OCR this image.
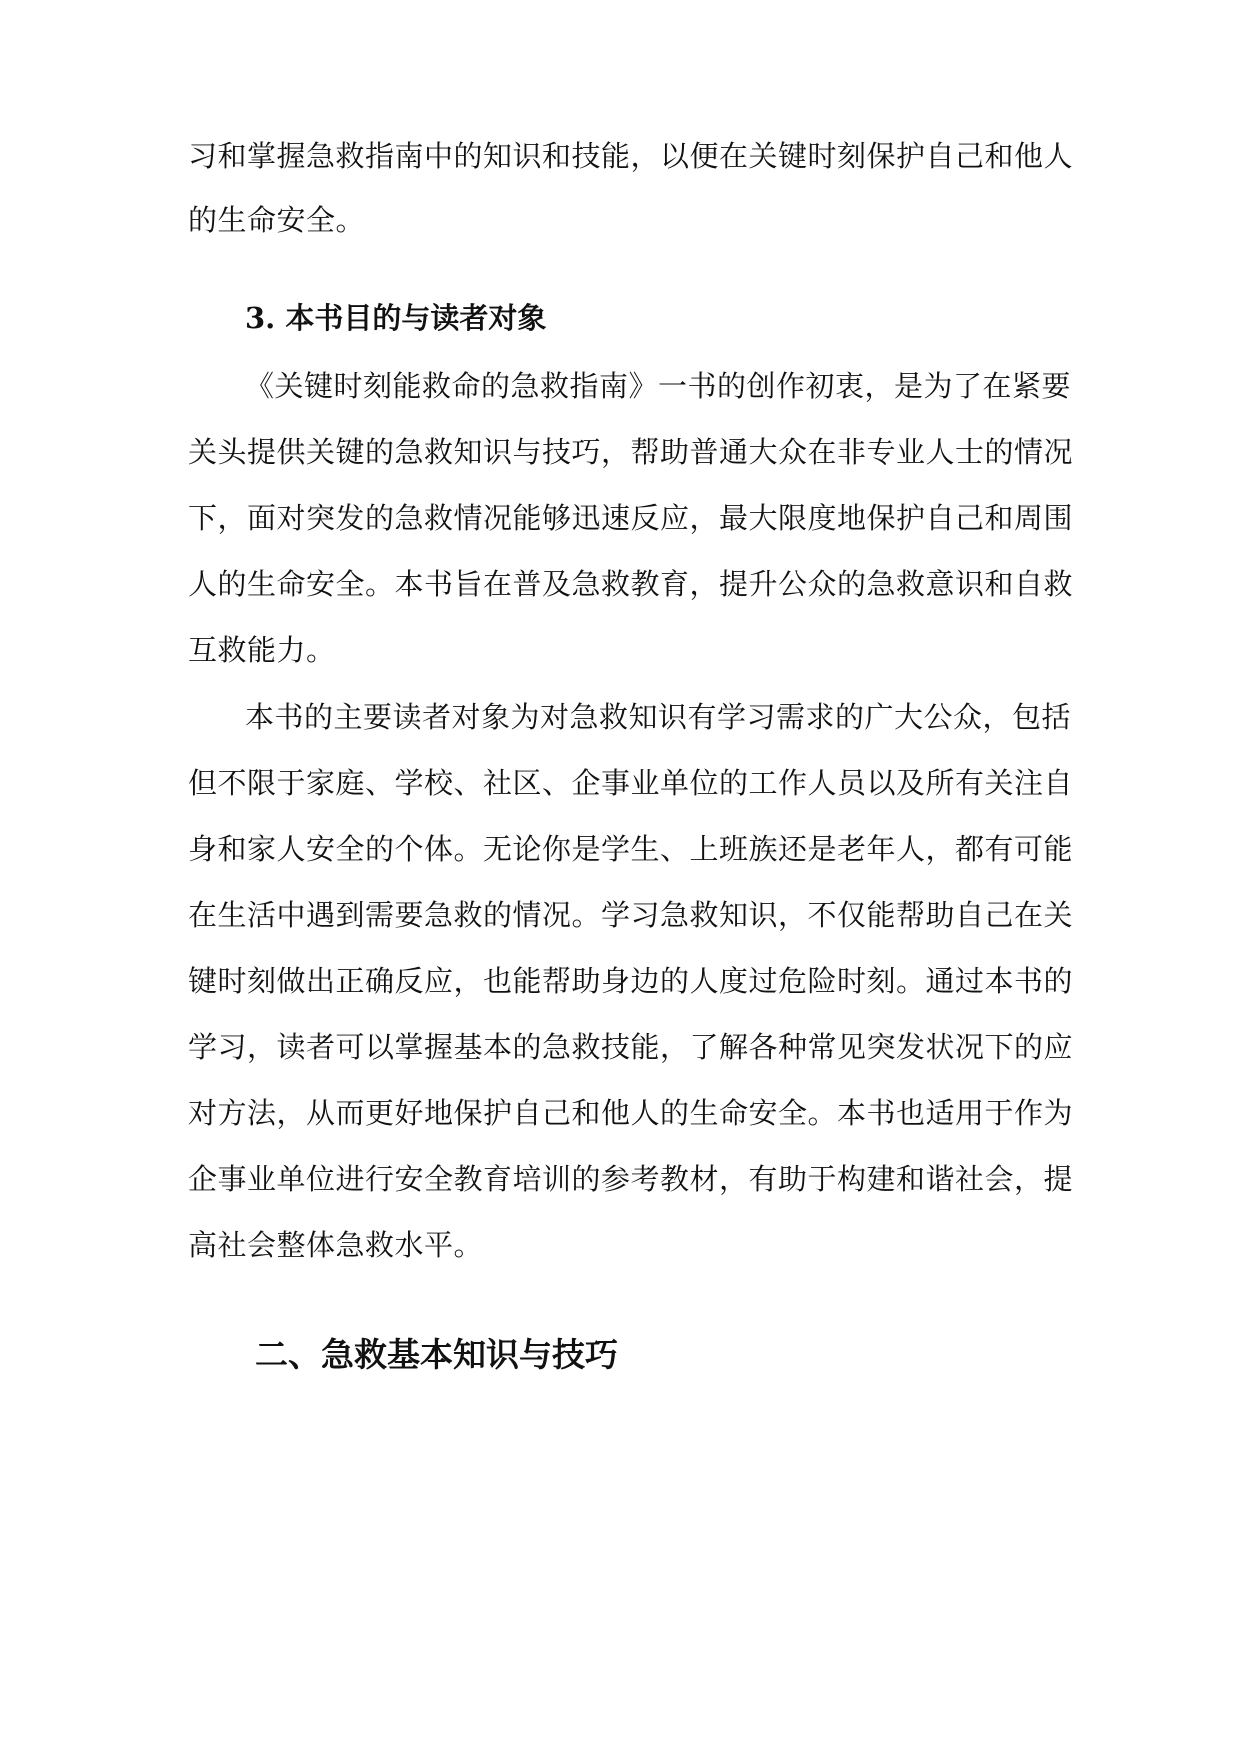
习和掌握急救指南中的知识和技能，以便在关键时刻保护自己和他人
的生命安全。
3. 本书目的与读者对象
《关键时刻能救命的急救指南》一书的创作初衷，是为了在紧要
关头提供关键的急救知识与技巧，帮助普通大众在非专业人士的情况
下，面对突发的急救情况能够迅速反应，最大限度地保护自己和周围
人的生命安全。本书旨在普及急救教育，提升公众的急救意识和自救
互救能力。
本书的主要读者对象为对急救知识有学习需求的广大公众，包括
但不限于家庭、学校、社区、企事业单位的工作人员以及所有关注自
身和家人安全的个体。无论你是学生、上班族还是老年人，都有可能
在生活中遇到需要急救的情况。学习急救知识，不仅能帮助自己在关
键时刻做出正确反应，也能帮助身边的人度过危险时刻。通过本书的
学习，读者可以掌握基本的急救技能，了解各种常见突发状况下的应
对方法，从而更好地保护自己和他人的生命安全。本书也适用于作为
企事业单位进行安全教育培训的参考教材，有助于构建和谐社会，提
高社会整体急救水平。
二、急救基本知识与技巧
